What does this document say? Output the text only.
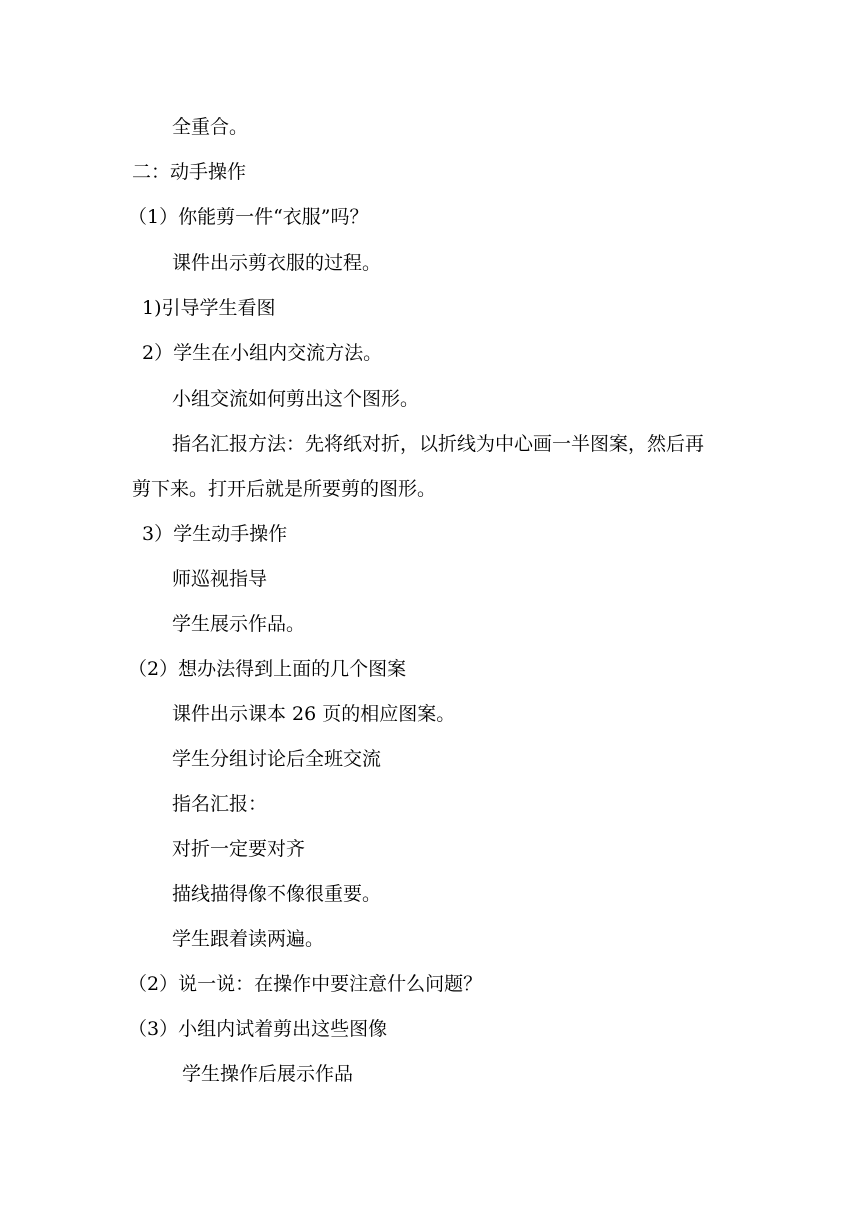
全重合。
二：动手操作
（1）你能剪一件“衣服”吗？
课件出示剪衣服的过程。
1)引导学生看图
2）学生在小组内交流方法。
小组交流如何剪出这个图形。
指名汇报方法：先将纸对折，以折线为中心画一半图案，然后再
剪下来。打开后就是所要剪的图形。
3）学生动手操作
师巡视指导
学生展示作品。
（2）想办法得到上面的几个图案
课件出示课本 26 页的相应图案。
学生分组讨论后全班交流
指名汇报：
对折一定要对齐
描线描得像不像很重要。
学生跟着读两遍。
（2）说一说：在操作中要注意什么问题？
（3）小组内试着剪出这些图像
学生操作后展示作品
